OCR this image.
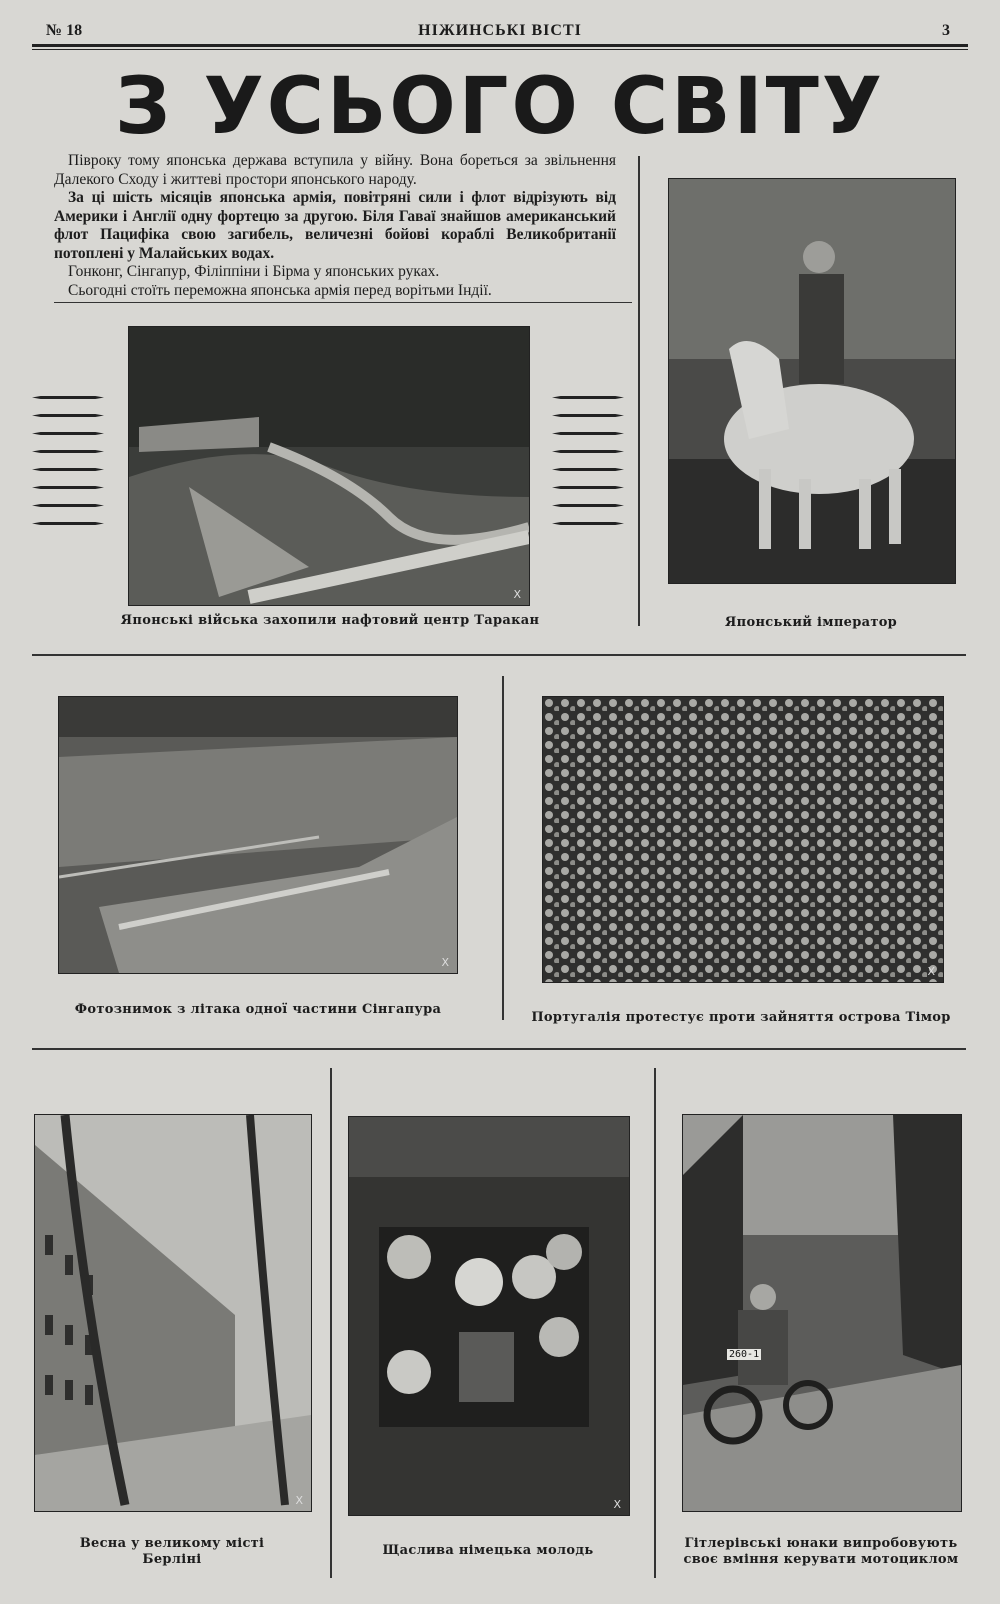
№ 18	НІЖИНСЬКІ ВІСТІ	3
З УСЬОГО СВІТУ

Півроку тому японська держава вступила у війну. Вона бореться за звільнення Далекого Сходу і життеві простори японського народу.

За ці шість місяців японська армія, повітряні сили і флот відрізують від Америки і Англії одну фортецю за другою. Біля Гаваї знайшов американський флот Пацифіка свою загибель, величезні бойові кораблі Великобританії потоплені у Малайських водах.

Гонконг, Сінгапур, Філіппіни і Бірма у японських руках.

Сьогодні стоїть переможна японська армія перед ворітьми Індії.

X
Японські війська захопили нафтовий центр Таракан	Японський імператор
X
Фотознимок з літака одної частини Сінгапура
X
Португалія протестує проти зайняття острова Тімор
X
Весна у великому місті
Берліні
X
Щаслива німецька молодь
260-1
Гітлерівські юнаки випробовують
своє вміння керувати мотоциклом
